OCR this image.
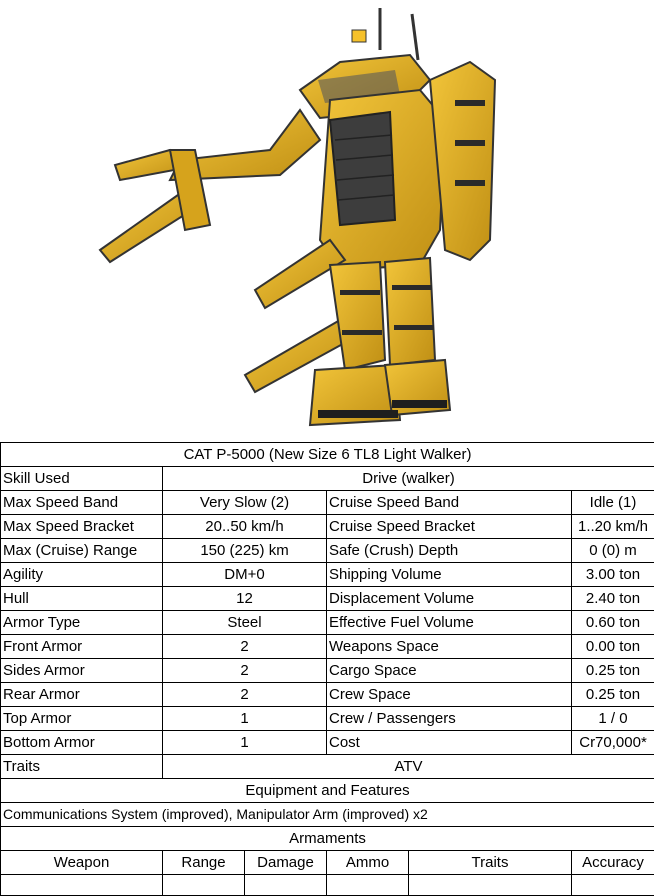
CAT P-5000 (New Size 6 TL8 Light Walker)					
Skill Used	Drive (walker)				
Max Speed Band	Very Slow (2)		Cruise Speed Band		Idle (1)
Max Speed Bracket	20..50 km/h		Cruise Speed Bracket		1..20 km/h
Max (Cruise) Range	150 (225) km		Safe (Crush) Depth		0 (0) m
Agility	DM+0		Shipping Volume		3.00 ton
Hull	12		Displacement Volume		2.40 ton
Armor Type	Steel		Effective Fuel Volume		0.60 ton
Front Armor	2		Weapons Space		0.00 ton
Sides Armor	2		Cargo Space		0.25 ton
Rear Armor	2		Crew Space		0.25 ton
Top Armor	1		Crew / Passengers		1 / 0
Bottom Armor	1		Cost		Cr70,000*
Traits	ATV				
Equipment and Features					
Communications System (improved), Manipulator Arm (improved) x2					
Armaments					
Weapon	Range	Damage	Ammo	Traits	Accuracy
